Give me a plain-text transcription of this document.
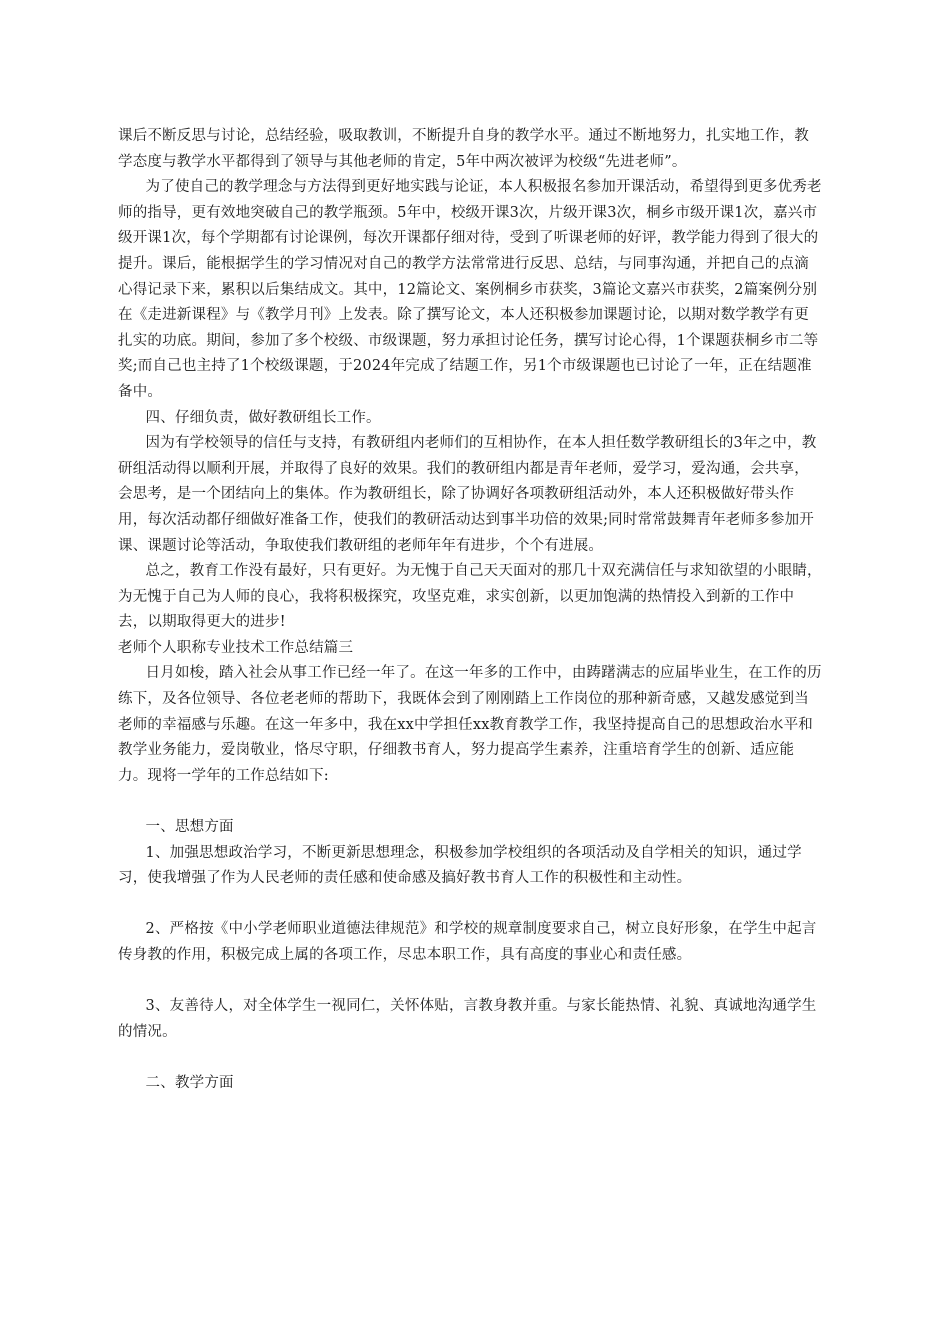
课后不断反思与讨论，总结经验，吸取教训，不断提升自身的教学水平。通过不断地努力，扎实地工作，教学态度与教学水平都得到了领导与其他老师的肯定，5年中两次被评为校级“先进老师”。

为了使自己的教学理念与方法得到更好地实践与论证，本人积极报名参加开课活动，希望得到更多优秀老师的指导，更有效地突破自己的教学瓶颈。5年中，校级开课3次，片级开课3次，桐乡市级开课1次，嘉兴市级开课1次，每个学期都有讨论课例，每次开课都仔细对待，受到了听课老师的好评，教学能力得到了很大的提升。课后，能根据学生的学习情况对自己的教学方法常常进行反思、总结，与同事沟通，并把自己的点滴心得记录下来，累积以后集结成文。其中，12篇论文、案例桐乡市获奖，3篇论文嘉兴市获奖，2篇案例分别在《走进新课程》与《教学月刊》上发表。除了撰写论文，本人还积极参加课题讨论，以期对数学教学有更扎实的功底。期间，参加了多个校级、市级课题，努力承担讨论任务，撰写讨论心得，1个课题获桐乡市二等奖;而自己也主持了1个校级课题，于2024年完成了结题工作，另1个市级课题也已讨论了一年，正在结题准备中。

四、仔细负责，做好教研组长工作。

因为有学校领导的信任与支持，有教研组内老师们的互相协作，在本人担任数学教研组长的3年之中，教研组活动得以顺利开展，并取得了良好的效果。我们的教研组内都是青年老师，爱学习，爱沟通，会共享，会思考，是一个团结向上的集体。作为教研组长，除了协调好各项教研组活动外，本人还积极做好带头作用，每次活动都仔细做好准备工作，使我们的教研活动达到事半功倍的效果;同时常常鼓舞青年老师多参加开课、课题讨论等活动，争取使我们教研组的老师年年有进步，个个有进展。

总之，教育工作没有最好，只有更好。为无愧于自己天天面对的那几十双充满信任与求知欲望的小眼睛，为无愧于自己为人师的良心，我将积极探究，攻坚克难，求实创新，以更加饱满的热情投入到新的工作中去，以期取得更大的进步!

老师个人职称专业技术工作总结篇三

日月如梭，踏入社会从事工作已经一年了。在这一年多的工作中，由踌躇满志的应届毕业生，在工作的历练下，及各位领导、各位老老师的帮助下，我既体会到了刚刚踏上工作岗位的那种新奇感，又越发感觉到当老师的幸福感与乐趣。在这一年多中，我在xx中学担任xx教育教学工作，我坚持提高自己的思想政治水平和教学业务能力，爱岗敬业，恪尽守职，仔细教书育人，努力提高学生素养，注重培育学生的创新、适应能力。现将一学年的工作总结如下:

一、思想方面

1、加强思想政治学习，不断更新思想理念，积极参加学校组织的各项活动及自学相关的知识，通过学习，使我增强了作为人民老师的责任感和使命感及搞好教书育人工作的积极性和主动性。

2、严格按《中小学老师职业道德法律规范》和学校的规章制度要求自己，树立良好形象，在学生中起言传身教的作用，积极完成上属的各项工作，尽忠本职工作，具有高度的事业心和责任感。

3、友善待人，对全体学生一视同仁，关怀体贴，言教身教并重。与家长能热情、礼貌、真诚地沟通学生的情况。

二、教学方面
